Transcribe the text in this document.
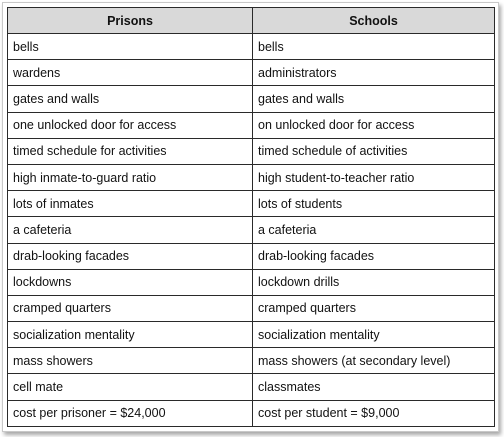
Prisons	Schools
bells	bells
wardens	administrators
gates and walls	gates and walls
one unlocked door for access	on unlocked door for access
timed schedule for activities	timed schedule of activities
high inmate-to-guard ratio	high student-to-teacher ratio
lots of inmates	lots of students
a cafeteria	a cafeteria
drab-looking facades	drab-looking facades
lockdowns	lockdown drills
cramped quarters	cramped quarters
socialization mentality	socialization mentality
mass showers	mass showers (at secondary level)
cell mate	classmates
cost per prisoner = $24,000	cost per student = $9,000
